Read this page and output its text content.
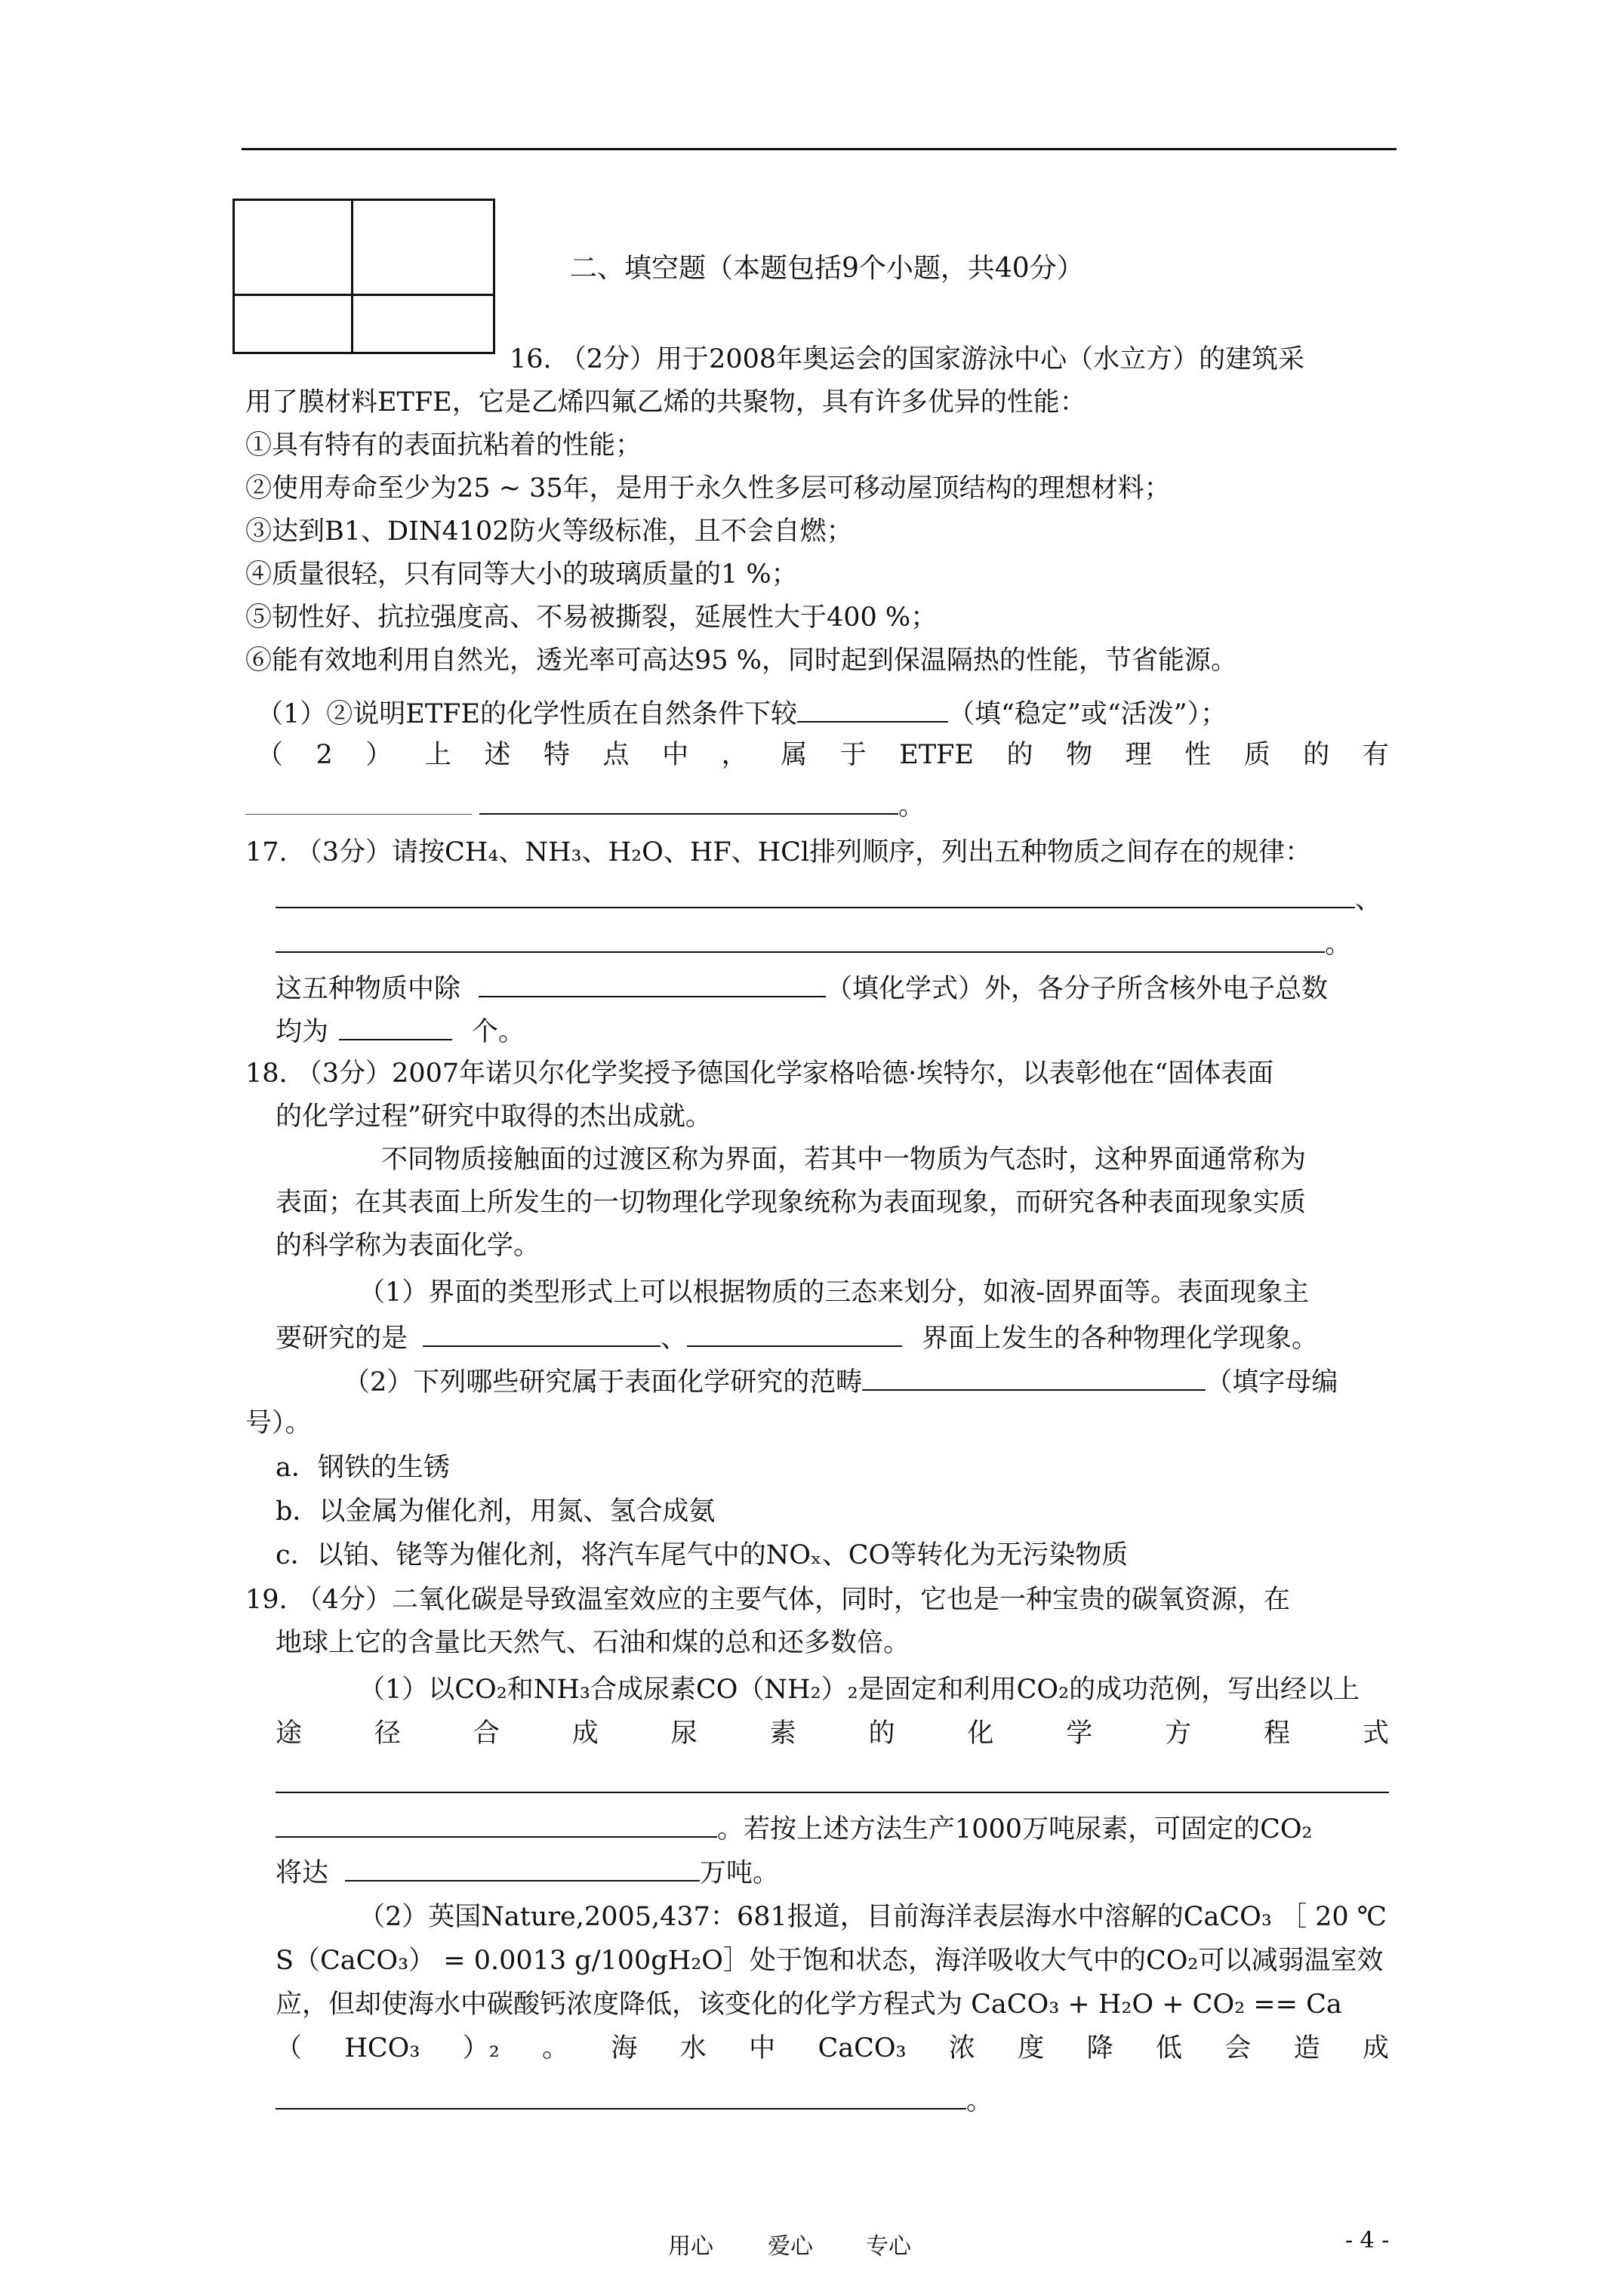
二、填空题（本题包括9个小题，共40分）
16. （2分）用于2008年奥运会的国家游泳中心（水立方）的建筑采
用了膜材料ETFE，它是乙烯四氟乙烯的共聚物，具有许多优异的性能：
①具有特有的表面抗粘着的性能；
②使用寿命至少为25 ~ 35年，是用于永久性多层可移动屋顶结构的理想材料；
③达到B1、DIN4102防火等级标准，且不会自燃；
④质量很轻，只有同等大小的玻璃质量的1 %；
⑤韧性好、抗拉强度高、不易被撕裂，延展性大于400 %；
⑥能有效地利用自然光，透光率可高达95 %，同时起到保温隔热的性能，节省能源。
（1）②说明ETFE的化学性质在自然条件下较	（填“稳定”或“活泼”）；
（ 2 ） 上 述 特 点 中 ， 属 于 ETFE 的 物 理 性 质 的 有
。
17. （3分）请按CH₄、NH₃、H₂O、HF、HCl排列顺序，列出五种物质之间存在的规律：
、
。
这五种物质中除	（填化学式）外，各分子所含核外电子总数
均为	个。
18. （3分）2007年诺贝尔化学奖授予德国化学家格哈德·埃特尔，以表彰他在“固体表面
的化学过程”研究中取得的杰出成就。
不同物质接触面的过渡区称为界面，若其中一物质为气态时，这种界面通常称为
表面；在其表面上所发生的一切物理化学现象统称为表面现象，而研究各种表面现象实质
的科学称为表面化学。
（1）界面的类型形式上可以根据物质的三态来划分，如液-固界面等。表面现象主
要研究的是	、	界面上发生的各种物理化学现象。
（2）下列哪些研究属于表面化学研究的范畴	（填字母编
号）。
a．钢铁的生锈
b．以金属为催化剂，用氮、氢合成氨
c．以铂、铑等为催化剂，将汽车尾气中的NOₓ、CO等转化为无污染物质
19. （4分）二氧化碳是导致温室效应的主要气体，同时，它也是一种宝贵的碳氧资源，在
地球上它的含量比天然气、石油和煤的总和还多数倍。
（1）以CO₂和NH₃合成尿素CO（NH₂）₂是固定和利用CO₂的成功范例，写出经以上
途	径	合	成	尿	素	的	化	学	方	程	式
。若按上述方法生产1000万吨尿素，可固定的CO₂
将达	万吨。
（2）英国Nature,2005,437：681报道，目前海洋表层海水中溶解的CaCO₃ ［ 20 ℃
S（CaCO₃） = 0.0013 g/100gH₂O］处于饱和状态，海洋吸收大气中的CO₂可以减弱温室效
应，但却使海水中碳酸钙浓度降低，该变化的化学方程式为 CaCO₃ + H₂O + CO₂ == Ca
（ HCO₃ ）₂ 。 海 水 中 CaCO₃ 浓 度 降 低 会 造 成
。
用心 爱心 专心	- 4 -
